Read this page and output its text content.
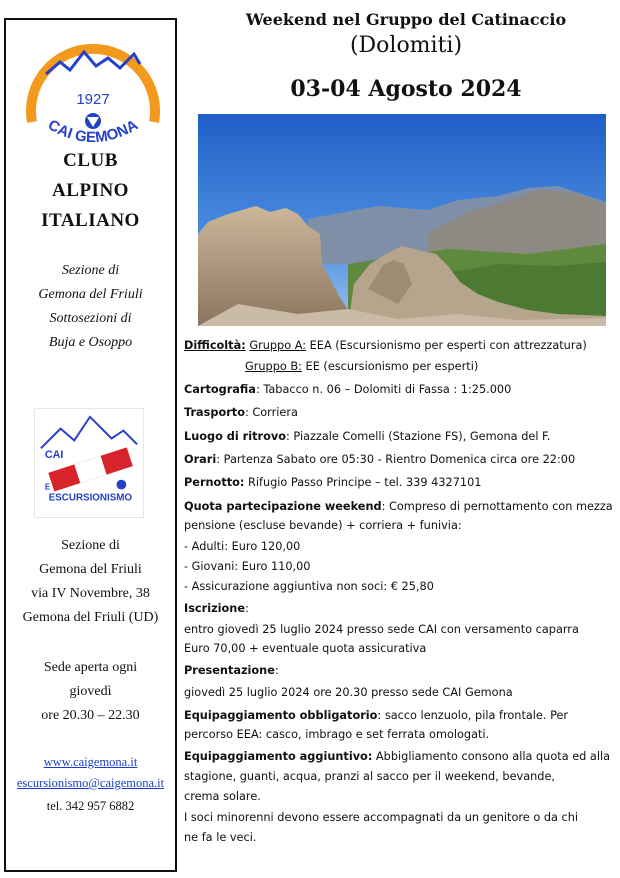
1927
CAI GEMONA
CLUB
ALPINO
ITALIANO
Sezione di
Gemona del Friuli
Sottosezioni di
Buja e Osoppo
CAI
E
ESCURSIONISMO
Sezione di
Gemona del Friuli
via IV Novembre, 38
Gemona del Friuli (UD)
Sede aperta ogni
giovedì
ore 20.30 – 22.30
www.caigemona.it
escursionismo@caigemona.it
tel. 342 957 6882
Weekend nel Gruppo del Catinaccio
(Dolomiti)
03-04 Agosto 2024
Difficoltà: Gruppo A: EEA (Escursionismo per esperti con attrezzatura)
Gruppo B: EE (escursionismo per esperti)
Cartografia: Tabacco n. 06 – Dolomiti di Fassa : 1:25.000
Trasporto: Corriera
Luogo di ritrovo: Piazzale Comelli (Stazione FS), Gemona del F.
Orari: Partenza Sabato ore 05:30 - Rientro Domenica circa ore 22:00
Pernotto: Rifugio Passo Principe – tel. 339 4327101
Quota partecipazione weekend: Compreso di pernottamento con mezza
pensione (escluse bevande) + corriera + funivia:
- Adulti: Euro 120,00
- Giovani: Euro 110,00
- Assicurazione aggiuntiva non soci: € 25,80
Iscrizione:
entro giovedì 25 luglio 2024 presso sede CAI con versamento caparra
Euro 70,00 + eventuale quota assicurativa
Presentazione:
giovedì 25 luglio 2024 ore 20.30 presso sede CAI Gemona
Equipaggiamento obbligatorio: sacco lenzuolo, pila frontale. Per
percorso EEA: casco, imbrago e set ferrata omologati.
Equipaggiamento aggiuntivo: Abbigliamento consono alla quota ed alla
stagione, guanti, acqua, pranzi al sacco per il weekend, bevande,
crema solare.
I soci minorenni devono essere accompagnati da un genitore o da chi
ne fa le veci.
